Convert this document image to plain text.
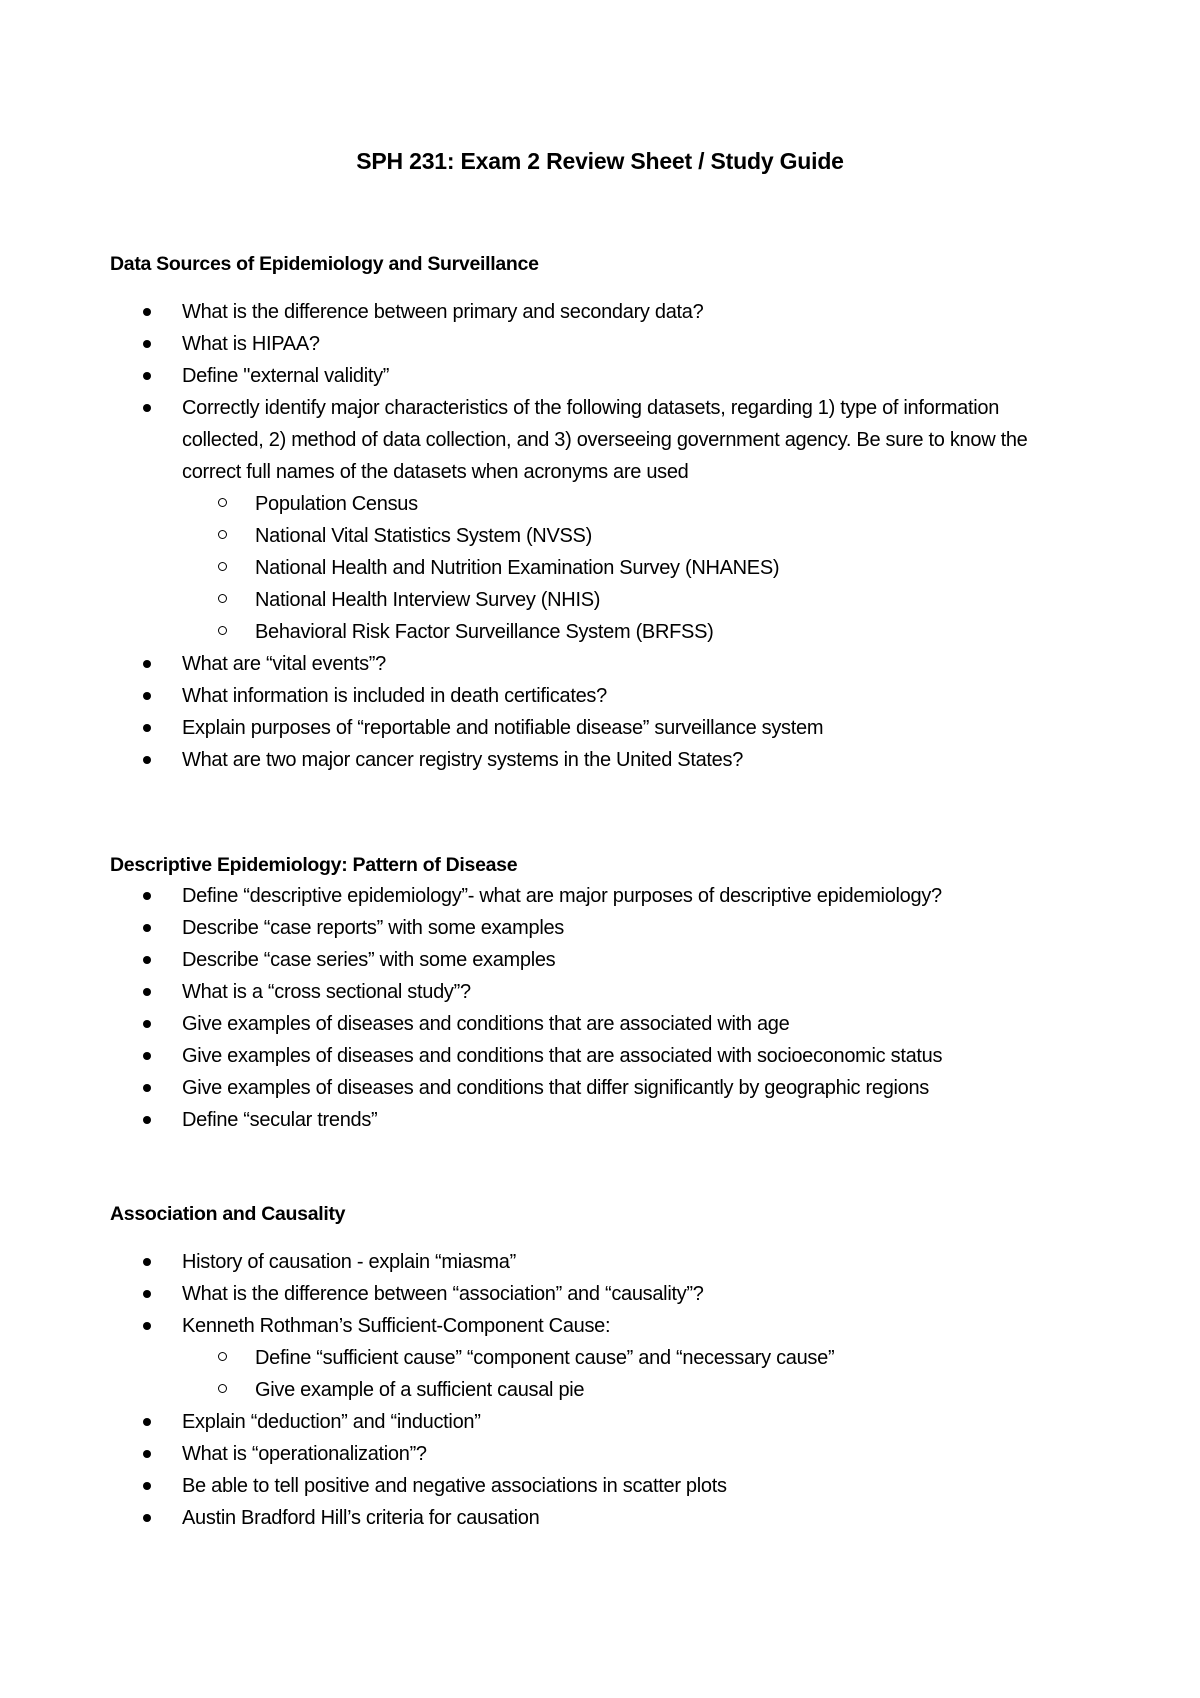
SPH 231: Exam 2 Review Sheet / Study Guide
Data Sources of Epidemiology and Surveillance
What is the difference between primary and secondary data?
What is HIPAA?
Define "external validity”
Correctly identify major characteristics of the following datasets, regarding 1) type of information collected, 2) method of data collection, and 3) overseeing government agency. Be sure to know the correct full names of the datasets when acronyms are used
Population Census
National Vital Statistics System (NVSS)
National Health and Nutrition Examination Survey (NHANES)
National Health Interview Survey (NHIS)
Behavioral Risk Factor Surveillance System (BRFSS)
What are “vital events”?
What information is included in death certificates?
Explain purposes of “reportable and notifiable disease” surveillance system
What are two major cancer registry systems in the United States?
Descriptive Epidemiology: Pattern of Disease
Define “descriptive epidemiology”- what are major purposes of descriptive epidemiology?
Describe “case reports” with some examples
Describe “case series” with some examples
What is a “cross sectional study”?
Give examples of diseases and conditions that are associated with age
Give examples of diseases and conditions that are associated with socioeconomic status
Give examples of diseases and conditions that differ significantly by geographic regions
Define “secular trends”
Association and Causality
History of causation - explain “miasma”
What is the difference between “association” and “causality”?
Kenneth Rothman’s Sufficient-Component Cause:
Define “sufficient cause” “component cause” and “necessary cause”
Give example of a sufficient causal pie
Explain “deduction” and “induction”
What is “operationalization”?
Be able to tell positive and negative associations in scatter plots
Austin Bradford Hill’s criteria for causation
